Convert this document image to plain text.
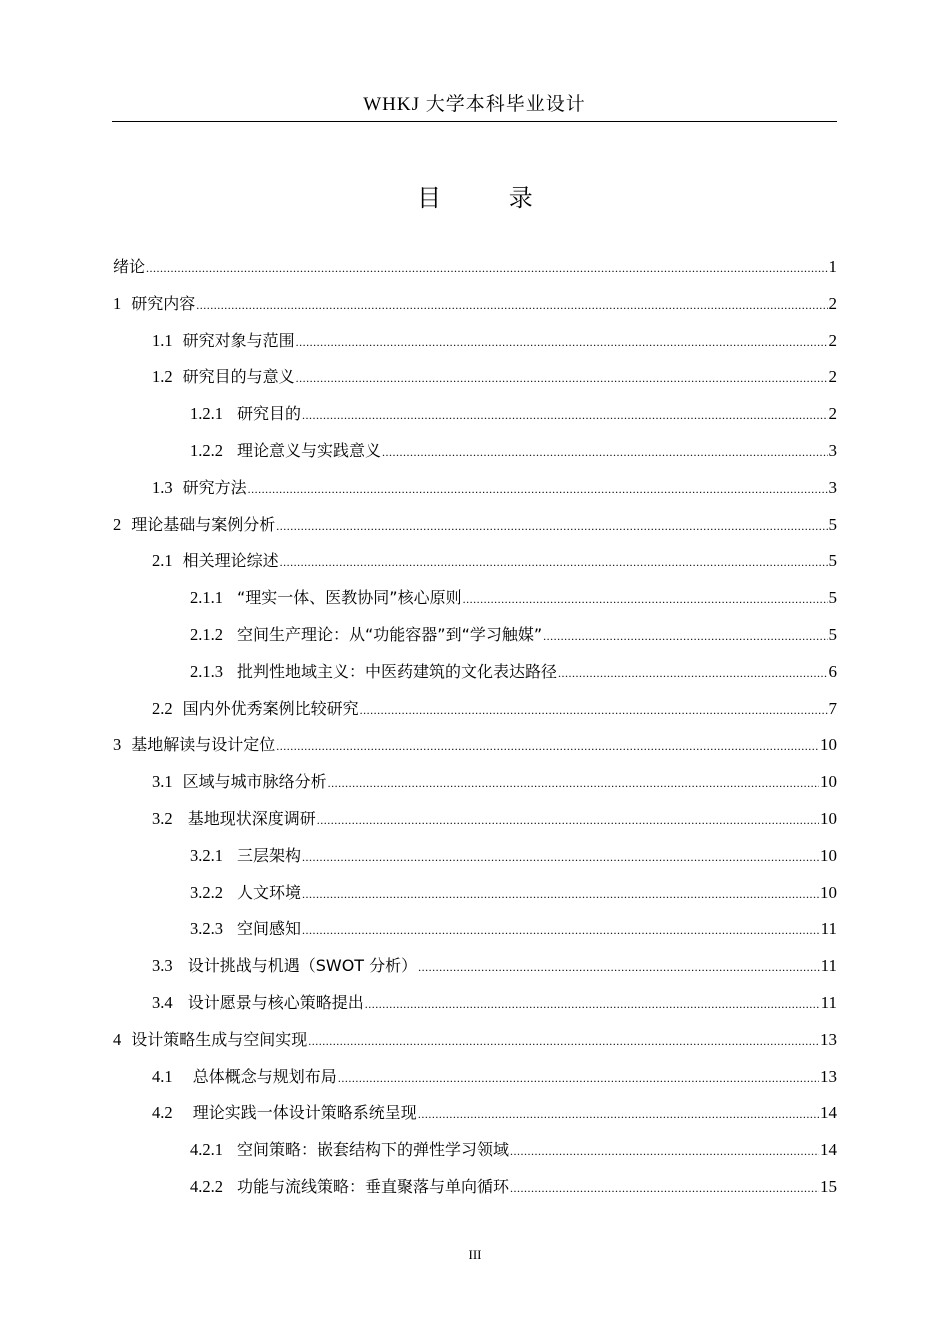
WHKJ 大学本科毕业设计
目 录
绪论 .....	1
1 研究内容 .....	2
1.1 研究对象与范围 .....	2
1.2 研究目的与意义 .....	2
1.2.1 研究目的 .....	2
1.2.2 理论意义与实践意义 .....	3
1.3 研究方法 .....	3
2 理论基础与案例分析 .....	5
2.1 相关理论综述 .....	5
2.1.1 “理实一体、医教协同”核心原则 .....	5
2.1.2 空间生产理论：从“功能容器”到“学习触媒” .....	5
2.1.3 批判性地域主义：中医药建筑的文化表达路径 .....	6
2.2 国内外优秀案例比较研究 .....	7
3 基地解读与设计定位 .....	10
3.1 区域与城市脉络分析 .....	10
3.2 基地现状深度调研 .....	10
3.2.1 三层架构 .....	10
3.2.2 人文环境 .....	10
3.2.3 空间感知 .....	11
3.3 设计挑战与机遇（SWOT 分析） .....	11
3.4 设计愿景与核心策略提出 .....	11
4 设计策略生成与空间实现 .....	13
4.1 总体概念与规划布局 .....	13
4.2 理论实践一体设计策略系统呈现 .....	14
4.2.1 空间策略：嵌套结构下的弹性学习领域 .....	14
4.2.2 功能与流线策略：垂直聚落与单向循环 .....	15
III
